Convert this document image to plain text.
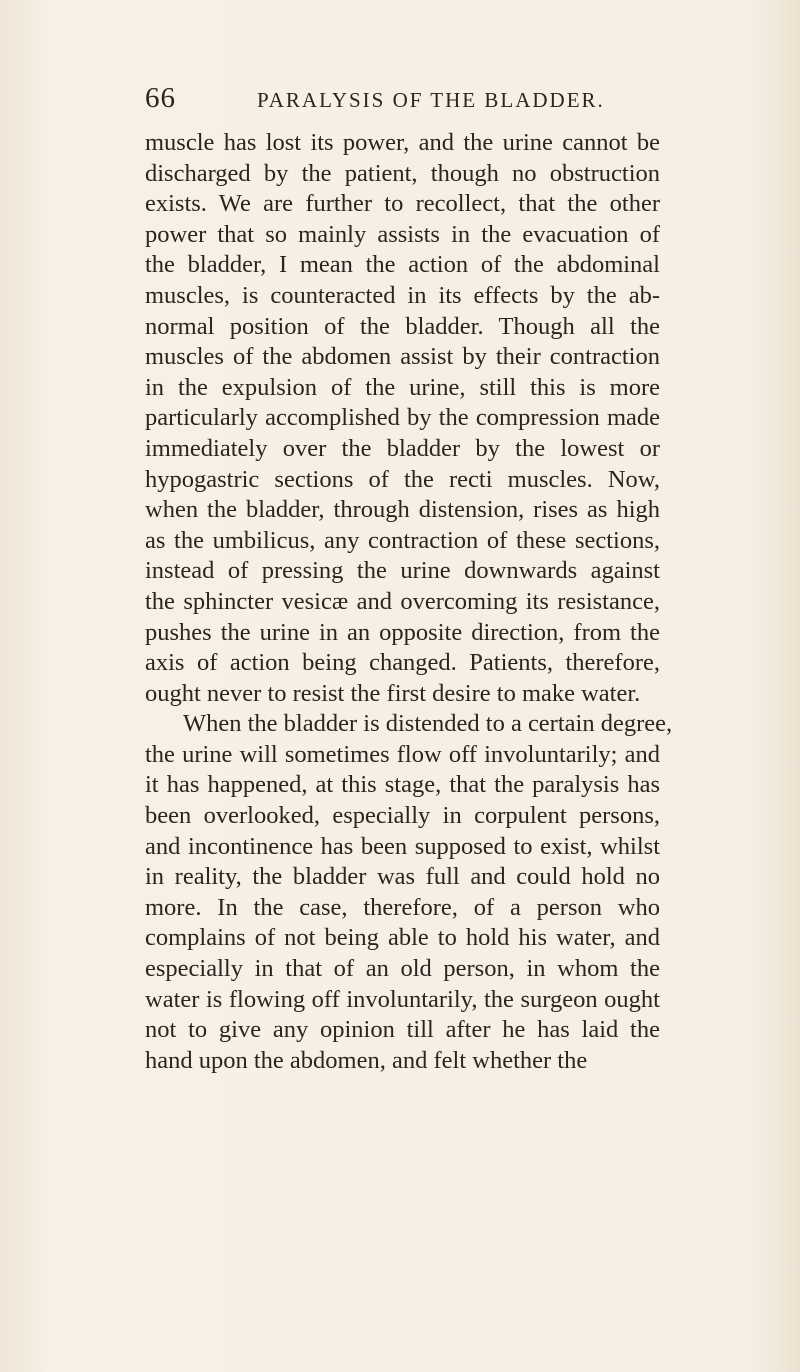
66	PARALYSIS OF THE BLADDER.
muscle has lost its power, and the urine cannot be
discharged by the patient, though no obstruction
exists. We are further to recollect, that the other
power that so mainly assists in the evacuation of
the bladder, I mean the action of the abdominal
muscles, is counteracted in its effects by the ab-
normal position of the bladder. Though all the
muscles of the abdomen assist by their contraction
in the expulsion of the urine, still this is more
particularly accomplished by the compression made
immediately over the bladder by the lowest or
hypogastric sections of the recti muscles. Now,
when the bladder, through distension, rises as high
as the umbilicus, any contraction of these sections,
instead of pressing the urine downwards against
the sphincter vesicæ and overcoming its resistance,
pushes the urine in an opposite direction, from the
axis of action being changed. Patients, therefore,
ought never to resist the first desire to make water.
When the bladder is distended to a certain degree,
the urine will sometimes flow off involuntarily; and
it has happened, at this stage, that the paralysis has
been overlooked, especially in corpulent persons,
and incontinence has been supposed to exist, whilst
in reality, the bladder was full and could hold no
more. In the case, therefore, of a person who
complains of not being able to hold his water, and
especially in that of an old person, in whom the
water is flowing off involuntarily, the surgeon ought
not to give any opinion till after he has laid the
hand upon the abdomen, and felt whether the
